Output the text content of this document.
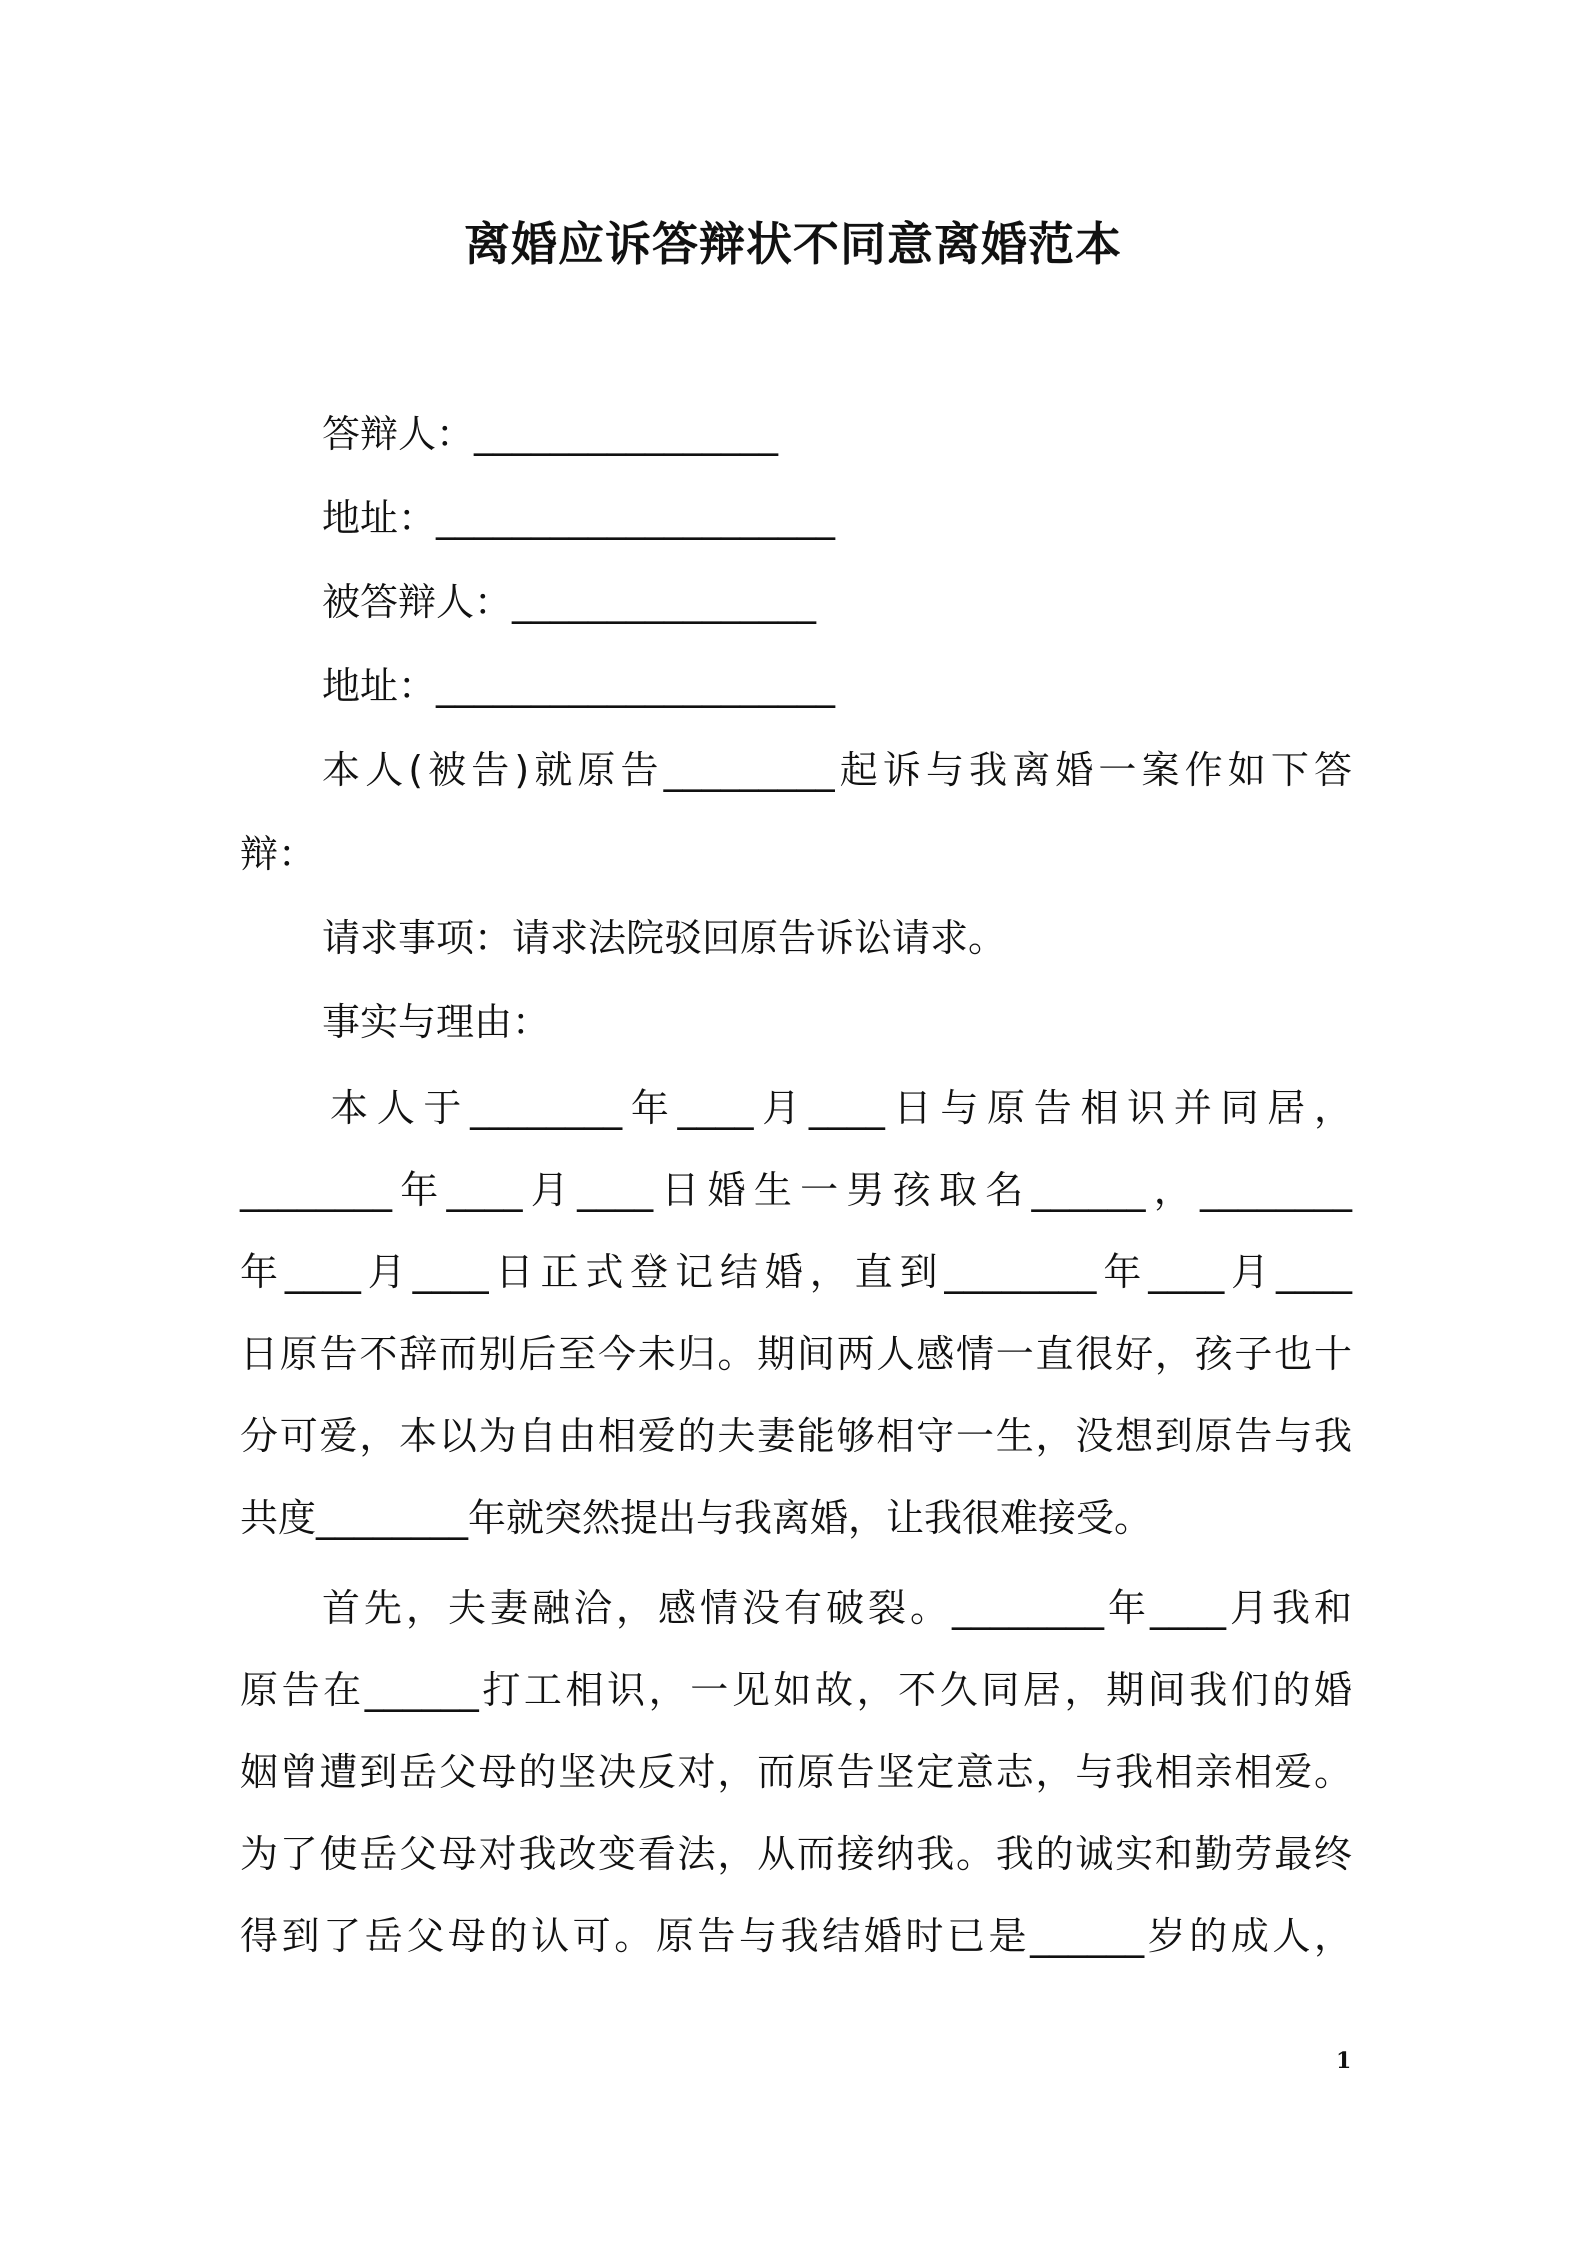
离婚应诉答辩状不同意离婚范本

答辩人：________________

地址：_____________________

被答辩人：________________

地址：_____________________

本人(被告)就原告_________起诉与我离婚一案作如下答

辩：

请求事项：请求法院驳回原告诉讼请求。

事实与理由：

本人于________年____月____日与原告相识并同居，

________年____月____日婚生一男孩取名______，________

年____月____日正式登记结婚，直到________年____月____

日原告不辞而别后至今未归。期间两人感情一直很好，孩子也十

分可爱，本以为自由相爱的夫妻能够相守一生，没想到原告与我

共度________年就突然提出与我离婚，让我很难接受。

首先，夫妻融洽，感情没有破裂。________年____月我和

原告在______打工相识，一见如故，不久同居，期间我们的婚

姻曾遭到岳父母的坚决反对，而原告坚定意志，与我相亲相爱。

为了使岳父母对我改变看法，从而接纳我。我的诚实和勤劳最终

得到了岳父母的认可。原告与我结婚时已是______岁的成人，

1
